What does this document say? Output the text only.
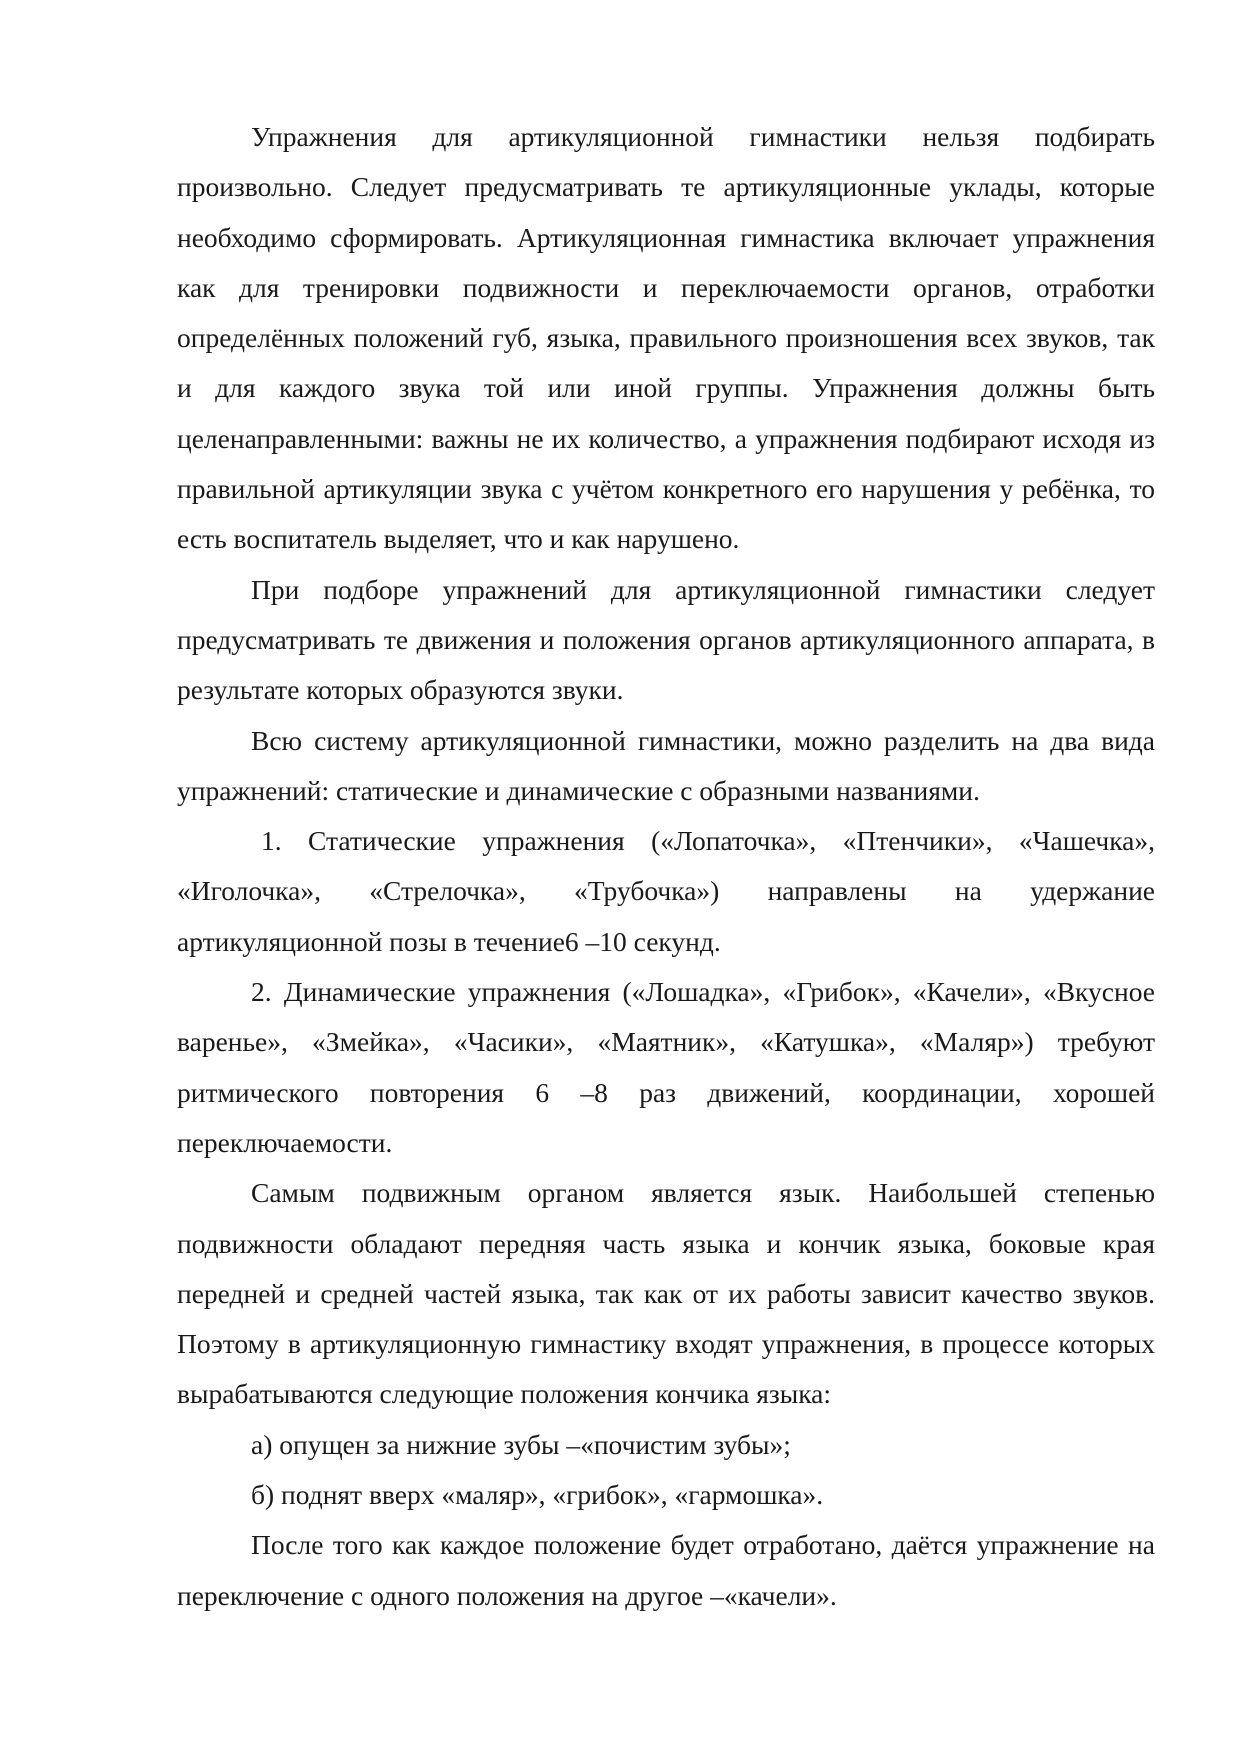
Упражнения для артикуляционной гимнастики нельзя подбирать произвольно. Следует предусматривать те артикуляционные уклады, которые необходимо сформировать. Артикуляционная гимнастика включает упражнения как для тренировки подвижности и переключаемости органов, отработки определённых положений губ, языка, правильного произношения всех звуков, так и для каждого звука той или иной группы. Упражнения должны быть целенаправленными: важны не их количество, а упражнения подбирают исходя из правильной артикуляции звука с учётом конкретного его нарушения у ребёнка, то есть воспитатель выделяет, что и как нарушено.

При подборе упражнений для артикуляционной гимнастики следует предусматривать те движения и положения органов артикуляционного аппарата, в результате которых образуются звуки.

Всю систему артикуляционной гимнастики, можно разделить на два вида упражнений: статические и динамические с образными названиями.

1. Статические упражнения («Лопаточка», «Птенчики», «Чашечка», «Иголочка», «Стрелочка», «Трубочка») направлены на удержание артикуляционной позы в течение6 –10 секунд.

2. Динамические упражнения («Лошадка», «Грибок», «Качели», «Вкусное варенье», «Змейка», «Часики», «Маятник», «Катушка», «Маляр») требуют ритмического повторения 6 –8 раз движений, координации, хорошей переключаемости.

Самым подвижным органом является язык. Наибольшей степенью подвижности обладают передняя часть языка и кончик языка, боковые края передней и средней частей языка, так как от их работы зависит качество звуков. Поэтому в артикуляционную гимнастику входят упражнения, в процессе которых вырабатываются следующие положения кончика языка:

а) опущен за нижние зубы –«почистим зубы»;

б) поднят вверх «маляр», «грибок», «гармошка».

После того как каждое положение будет отработано, даётся упражнение на переключение с одного положения на другое –«качели».
